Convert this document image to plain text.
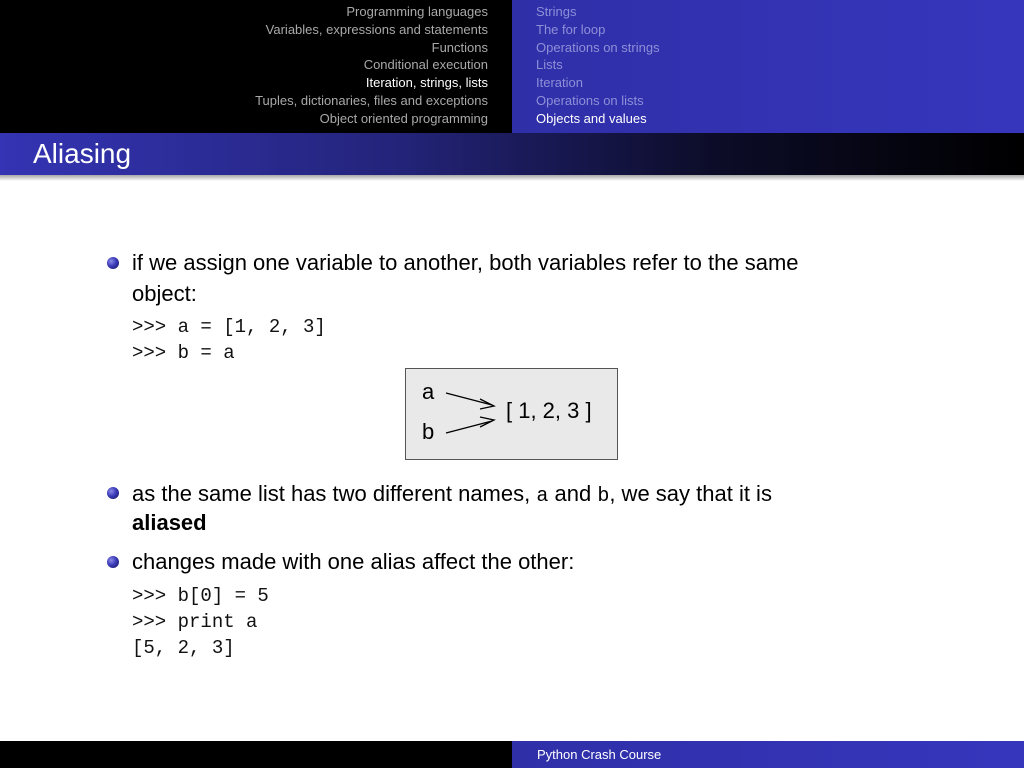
Programming languages
Variables, expressions and statements
Functions
Conditional execution
Iteration, strings, lists
Tuples, dictionaries, files and exceptions
Object oriented programming
Strings
The for loop
Operations on strings
Lists
Iteration
Operations on lists
Objects and values
Aliasing
if we assign one variable to another, both variables refer to the same
object:
>>> a = [1, 2, 3]
>>> b = a
a
b
[ 1, 2, 3 ]
as the same list has two different names, a and b, we say that it is
aliased
changes made with one alias affect the other:
>>> b[0] = 5
>>> print a
[5, 2, 3]
Python Crash Course
